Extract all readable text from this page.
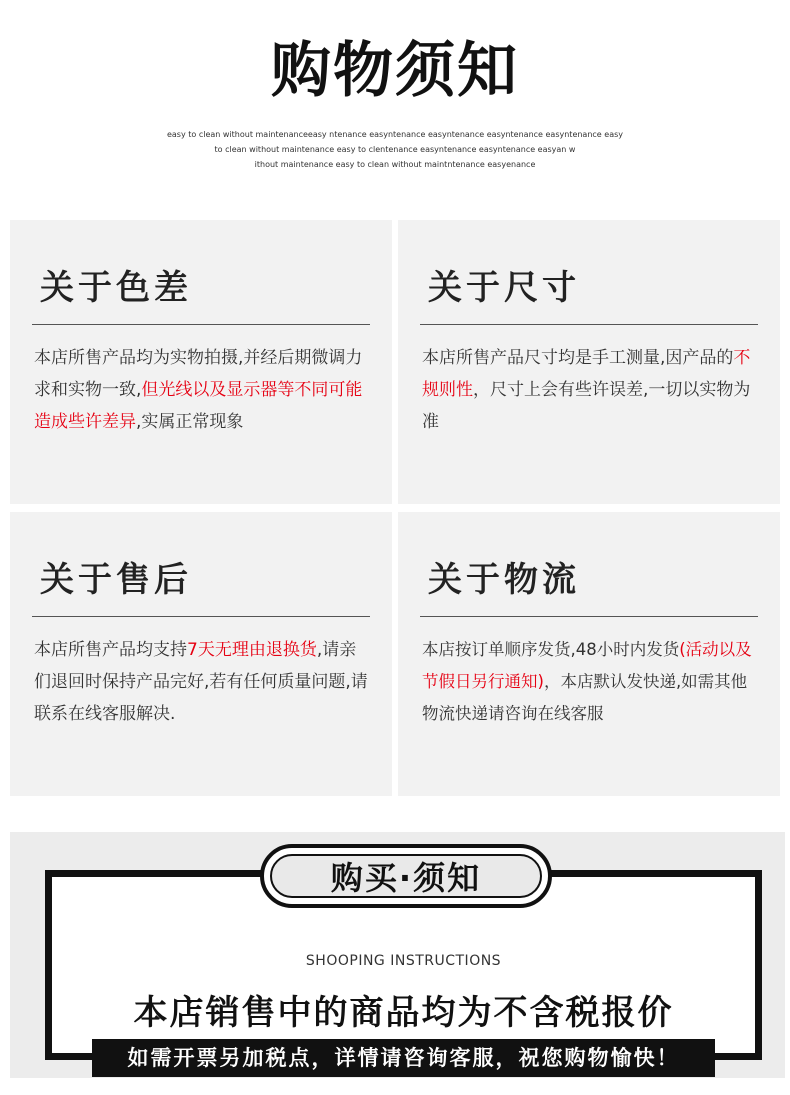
购物须知
easy to clean without maintenanceeasy ntenance easyntenance easyntenance easyntenance easyntenance easy
to clean without maintenance easy to clentenance easyntenance easyntenance easyan w
ithout maintenance easy to clean without maintntenance easyenance
关于色差
本店所售产品均为实物拍摄,并经后期微调力求和实物一致,但光线以及显示器等不同可能造成些许差异,实属正常现象
关于尺寸
本店所售产品尺寸均是手工测量,因产品的不规则性，尺寸上会有些许误差,一切以实物为准
关于售后
本店所售产品均支持7天无理由退换货,请亲们退回时保持产品完好,若有任何质量问题,请联系在线客服解决.
关于物流
本店按订单顺序发货,48小时内发货(活动以及节假日另行通知)，本店默认发快递,如需其他物流快递请咨询在线客服
SHOOPING INSTRUCTIONS
本店销售中的商品均为不含税报价
如需开票另加税点，详情请咨询客服，祝您购物愉快！
购买·须知
